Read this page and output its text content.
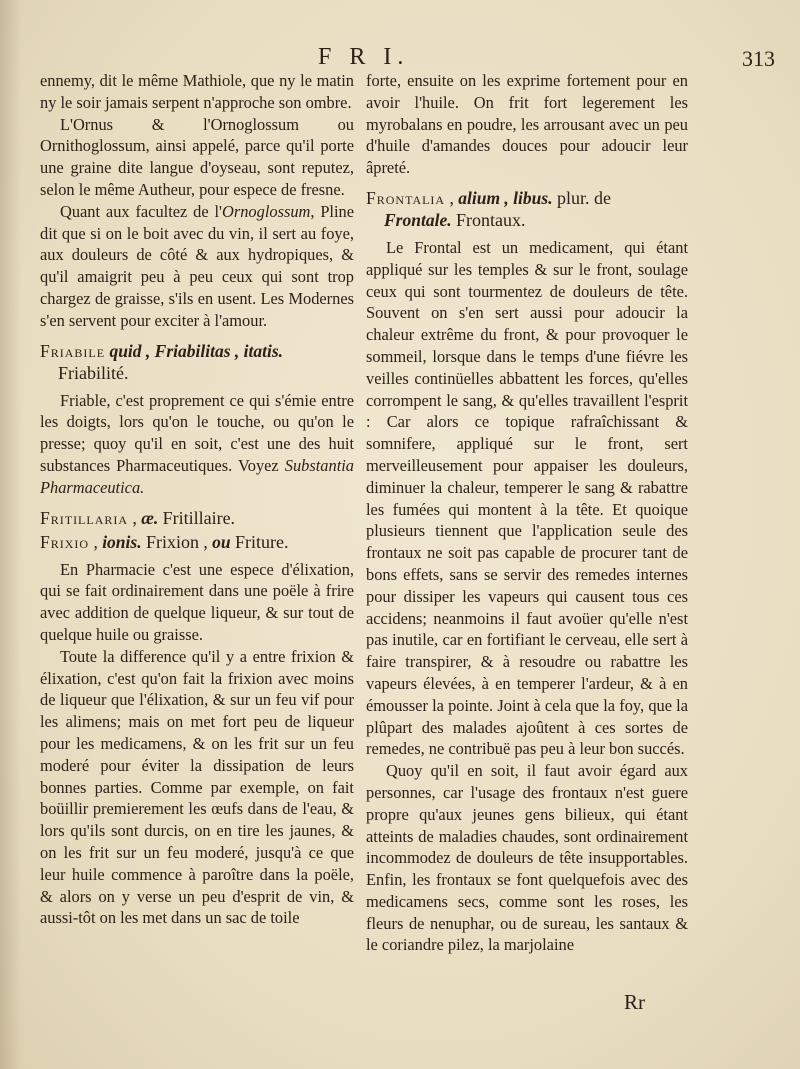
F R I.	313

ennemy, dit le même Mathiole, que ny le matin ny le soir jamais serpent n'approche son ombre.

L'Ornus & l'Ornoglossum ou Ornithoglossum, ainsi appelé, parce qu'il porte une graine dite langue d'oyseau, sont reputez, selon le même Autheur, pour espece de fresne.

Quant aux facultez de l'Ornoglossum, Pline dit que si on le boit avec du vin, il sert au foye, aux douleurs de côté & aux hydropiques, & qu'il amaigrit peu à peu ceux qui sont trop chargez de graisse, s'ils en usent. Les Modernes s'en servent pour exciter à l'amour.

Friabile quid , Friabilitas , itatis.
Friabilité.

Friable, c'est proprement ce qui s'émie entre les doigts, lors qu'on le touche, ou qu'on le presse; quoy qu'il en soit, c'est une des huit substances Pharmaceutiques. Voyez Substantia Pharmaceutica.

Fritillaria , æ. Fritillaire.
Frixio , ionis. Frixion , ou Friture.

En Pharmacie c'est une espece d'élixation, qui se fait ordinairement dans une poële à frire avec addition de quelque liqueur, & sur tout de quelque huile ou graisse.

Toute la difference qu'il y a entre frixion & élixation, c'est qu'on fait la frixion avec moins de liqueur que l'élixation, & sur un feu vif pour les alimens; mais on met fort peu de liqueur pour les medicamens, & on les frit sur un feu moderé pour éviter la dissipation de leurs bonnes parties. Comme par exemple, on fait boüillir premierement les œufs dans de l'eau, & lors qu'ils sont durcis, on en tire les jaunes, & on les frit sur un feu moderé, jusqu'à ce que leur huile commence à paroître dans la poële, & alors on y verse un peu d'esprit de vin, & aussi-tôt on les met dans un sac de toile

forte, ensuite on les exprime fortement pour en avoir l'huile. On frit fort legerement les myrobalans en poudre, les arrousant avec un peu d'huile d'amandes douces pour adoucir leur âpreté.

Frontalia , alium , libus. plur. de
Frontale. Frontaux.

Le Frontal est un medicament, qui étant appliqué sur les temples & sur le front, soulage ceux qui sont tourmentez de douleurs de tête. Souvent on s'en sert aussi pour adoucir la chaleur extrême du front, & pour provoquer le sommeil, lorsque dans le temps d'une fiévre les veilles continüelles abbattent les forces, qu'elles corrompent le sang, & qu'elles travaillent l'esprit : Car alors ce topique rafraîchissant & somnifere, appliqué sur le front, sert merveilleusement pour appaiser les douleurs, diminuer la chaleur, temperer le sang & rabattre les fumées qui montent à la tête. Et quoique plusieurs tiennent que l'application seule des frontaux ne soit pas capable de procurer tant de bons effets, sans se servir des remedes internes pour dissiper les vapeurs qui causent tous ces accidens; neanmoins il faut avoüer qu'elle n'est pas inutile, car en fortifiant le cerveau, elle sert à faire transpirer, & à resoudre ou rabattre les vapeurs élevées, à en temperer l'ardeur, & à en émousser la pointe. Joint à cela que la foy, que la plûpart des malades ajoûtent à ces sortes de remedes, ne contribuë pas peu à leur bon succés.

Quoy qu'il en soit, il faut avoir égard aux personnes, car l'usage des frontaux n'est guere propre qu'aux jeunes gens bilieux, qui étant atteints de maladies chaudes, sont ordinairement incommodez de douleurs de tête insupportables. Enfin, les frontaux se font quelquefois avec des medicamens secs, comme sont les roses, les fleurs de nenuphar, ou de sureau, les santaux & le coriandre pilez, la marjolaine

Rr
